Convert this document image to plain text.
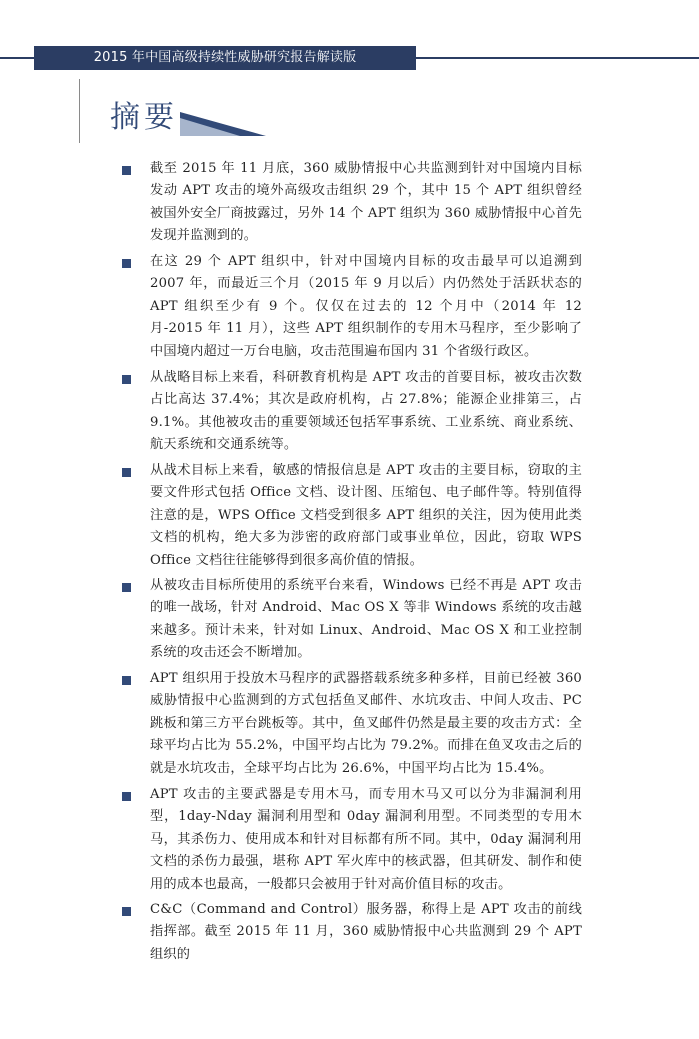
2015 年中国高级持续性威胁研究报告解读版
摘要
截至 2015 年 11 月底，360 威胁情报中心共监测到针对中国境内目标发动 APT 攻击的境外高级攻击组织 29 个，其中 15 个 APT 组织曾经被国外安全厂商披露过，另外 14 个 APT 组织为 360 威胁情报中心首先发现并监测到的。
在这 29 个 APT 组织中，针对中国境内目标的攻击最早可以追溯到 2007 年，而最近三个月（2015 年 9 月以后）内仍然处于活跃状态的 APT 组织至少有 9 个。仅仅在过去的 12 个月中（2014 年 12 月-2015 年 11 月），这些 APT 组织制作的专用木马程序，至少影响了中国境内超过一万台电脑，攻击范围遍布国内 31 个省级行政区。
从战略目标上来看，科研教育机构是 APT 攻击的首要目标，被攻击次数占比高达 37.4%；其次是政府机构，占 27.8%；能源企业排第三，占 9.1%。其他被攻击的重要领域还包括军事系统、工业系统、商业系统、航天系统和交通系统等。
从战术目标上来看，敏感的情报信息是 APT 攻击的主要目标，窃取的主要文件形式包括 Office 文档、设计图、压缩包、电子邮件等。特别值得注意的是，WPS Office 文档受到很多 APT 组织的关注，因为使用此类文档的机构，绝大多为涉密的政府部门或事业单位，因此，窃取 WPS Office 文档往往能够得到很多高价值的情报。
从被攻击目标所使用的系统平台来看，Windows 已经不再是 APT 攻击的唯一战场，针对 Android、Mac OS X 等非 Windows 系统的攻击越来越多。预计未来，针对如 Linux、Android、Mac OS X 和工业控制系统的攻击还会不断增加。
APT 组织用于投放木马程序的武器搭载系统多种多样，目前已经被 360 威胁情报中心监测到的方式包括鱼叉邮件、水坑攻击、中间人攻击、PC 跳板和第三方平台跳板等。其中，鱼叉邮件仍然是最主要的攻击方式：全球平均占比为 55.2%，中国平均占比为 79.2%。而排在鱼叉攻击之后的就是水坑攻击，全球平均占比为 26.6%，中国平均占比为 15.4%。
APT 攻击的主要武器是专用木马，而专用木马又可以分为非漏洞利用型，1day-Nday 漏洞利用型和 0day 漏洞利用型。不同类型的专用木马，其杀伤力、使用成本和针对目标都有所不同。其中，0day 漏洞利用文档的杀伤力最强，堪称 APT 军火库中的核武器，但其研发、制作和使用的成本也最高，一般都只会被用于针对高价值目标的攻击。
C&C（Command and Control）服务器，称得上是 APT 攻击的前线指挥部。截至 2015 年 11 月，360 威胁情报中心共监测到 29 个 APT 组织的
